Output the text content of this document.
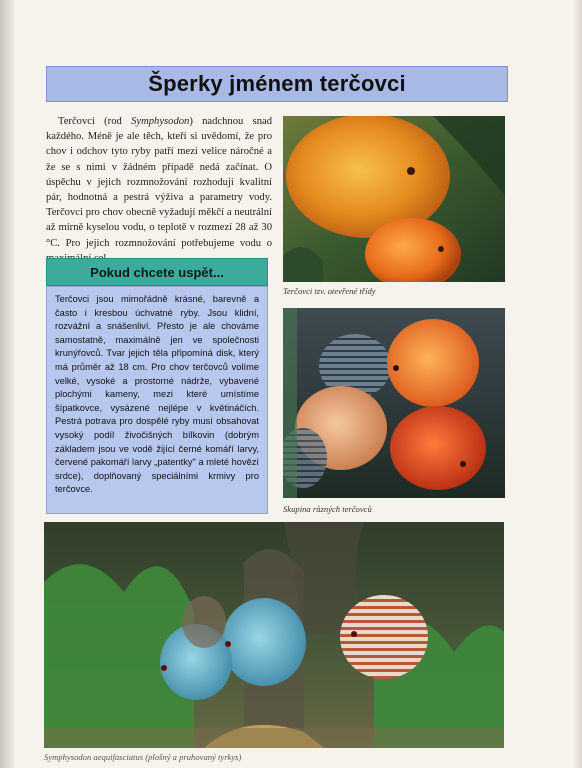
Šperky jménem terčovci

Terčovci (rod Symphysodon) nadchnou snad každého. Méně je ale těch, kteří si uvědomí, že pro chov i odchov tyto ryby patří mezi velice náročné a že se s nimi v žádném případě nedá začínat. O úspěchu v jejich rozmnožování rozhoduji kvalitní pár, hodnotná a pestrá výživa a parametry vody. Terčovci pro chov obecně vyžadují měkčí a neutrální až mírně kyselou vodu, o teplotě v rozmezí 28 až 30 °C. Pro jejich rozmnožování potřebujeme vodu o

Pokud chcete uspět...
Terčovci jsou mimořádně krásné, barevně a často i kresbou úchvatné ryby. Jsou klidní, rozvážní a snášenliví. Přesto je ale chováme samostatně, maximálně jen ve společnosti krunýřovců. Tvar jejich těla připomíná disk, který má průměr až 18 cm. Pro chov terčovců volíme velké, vysoké a prostorné nádrže, vybavené plochými kameny, mezi které umístíme šípatkovce, vysázené nejlépe v květináčích. Pestrá potrava pro dospělé ryby musí obsahovat vysoký podíl živočišných bílkovin (dobrým základem jsou ve vodě žijící černé komáří larvy, červené pakomáří larvy „patentky" a mleté hovězí srdce), doplňovaný speciálními krmivy pro terčovce.
Terčovci tzv. otevřené třídy
Skupina různých terčovců
Symphysodon aequifasciatus (plošný a pruhovaný tyrkys)
